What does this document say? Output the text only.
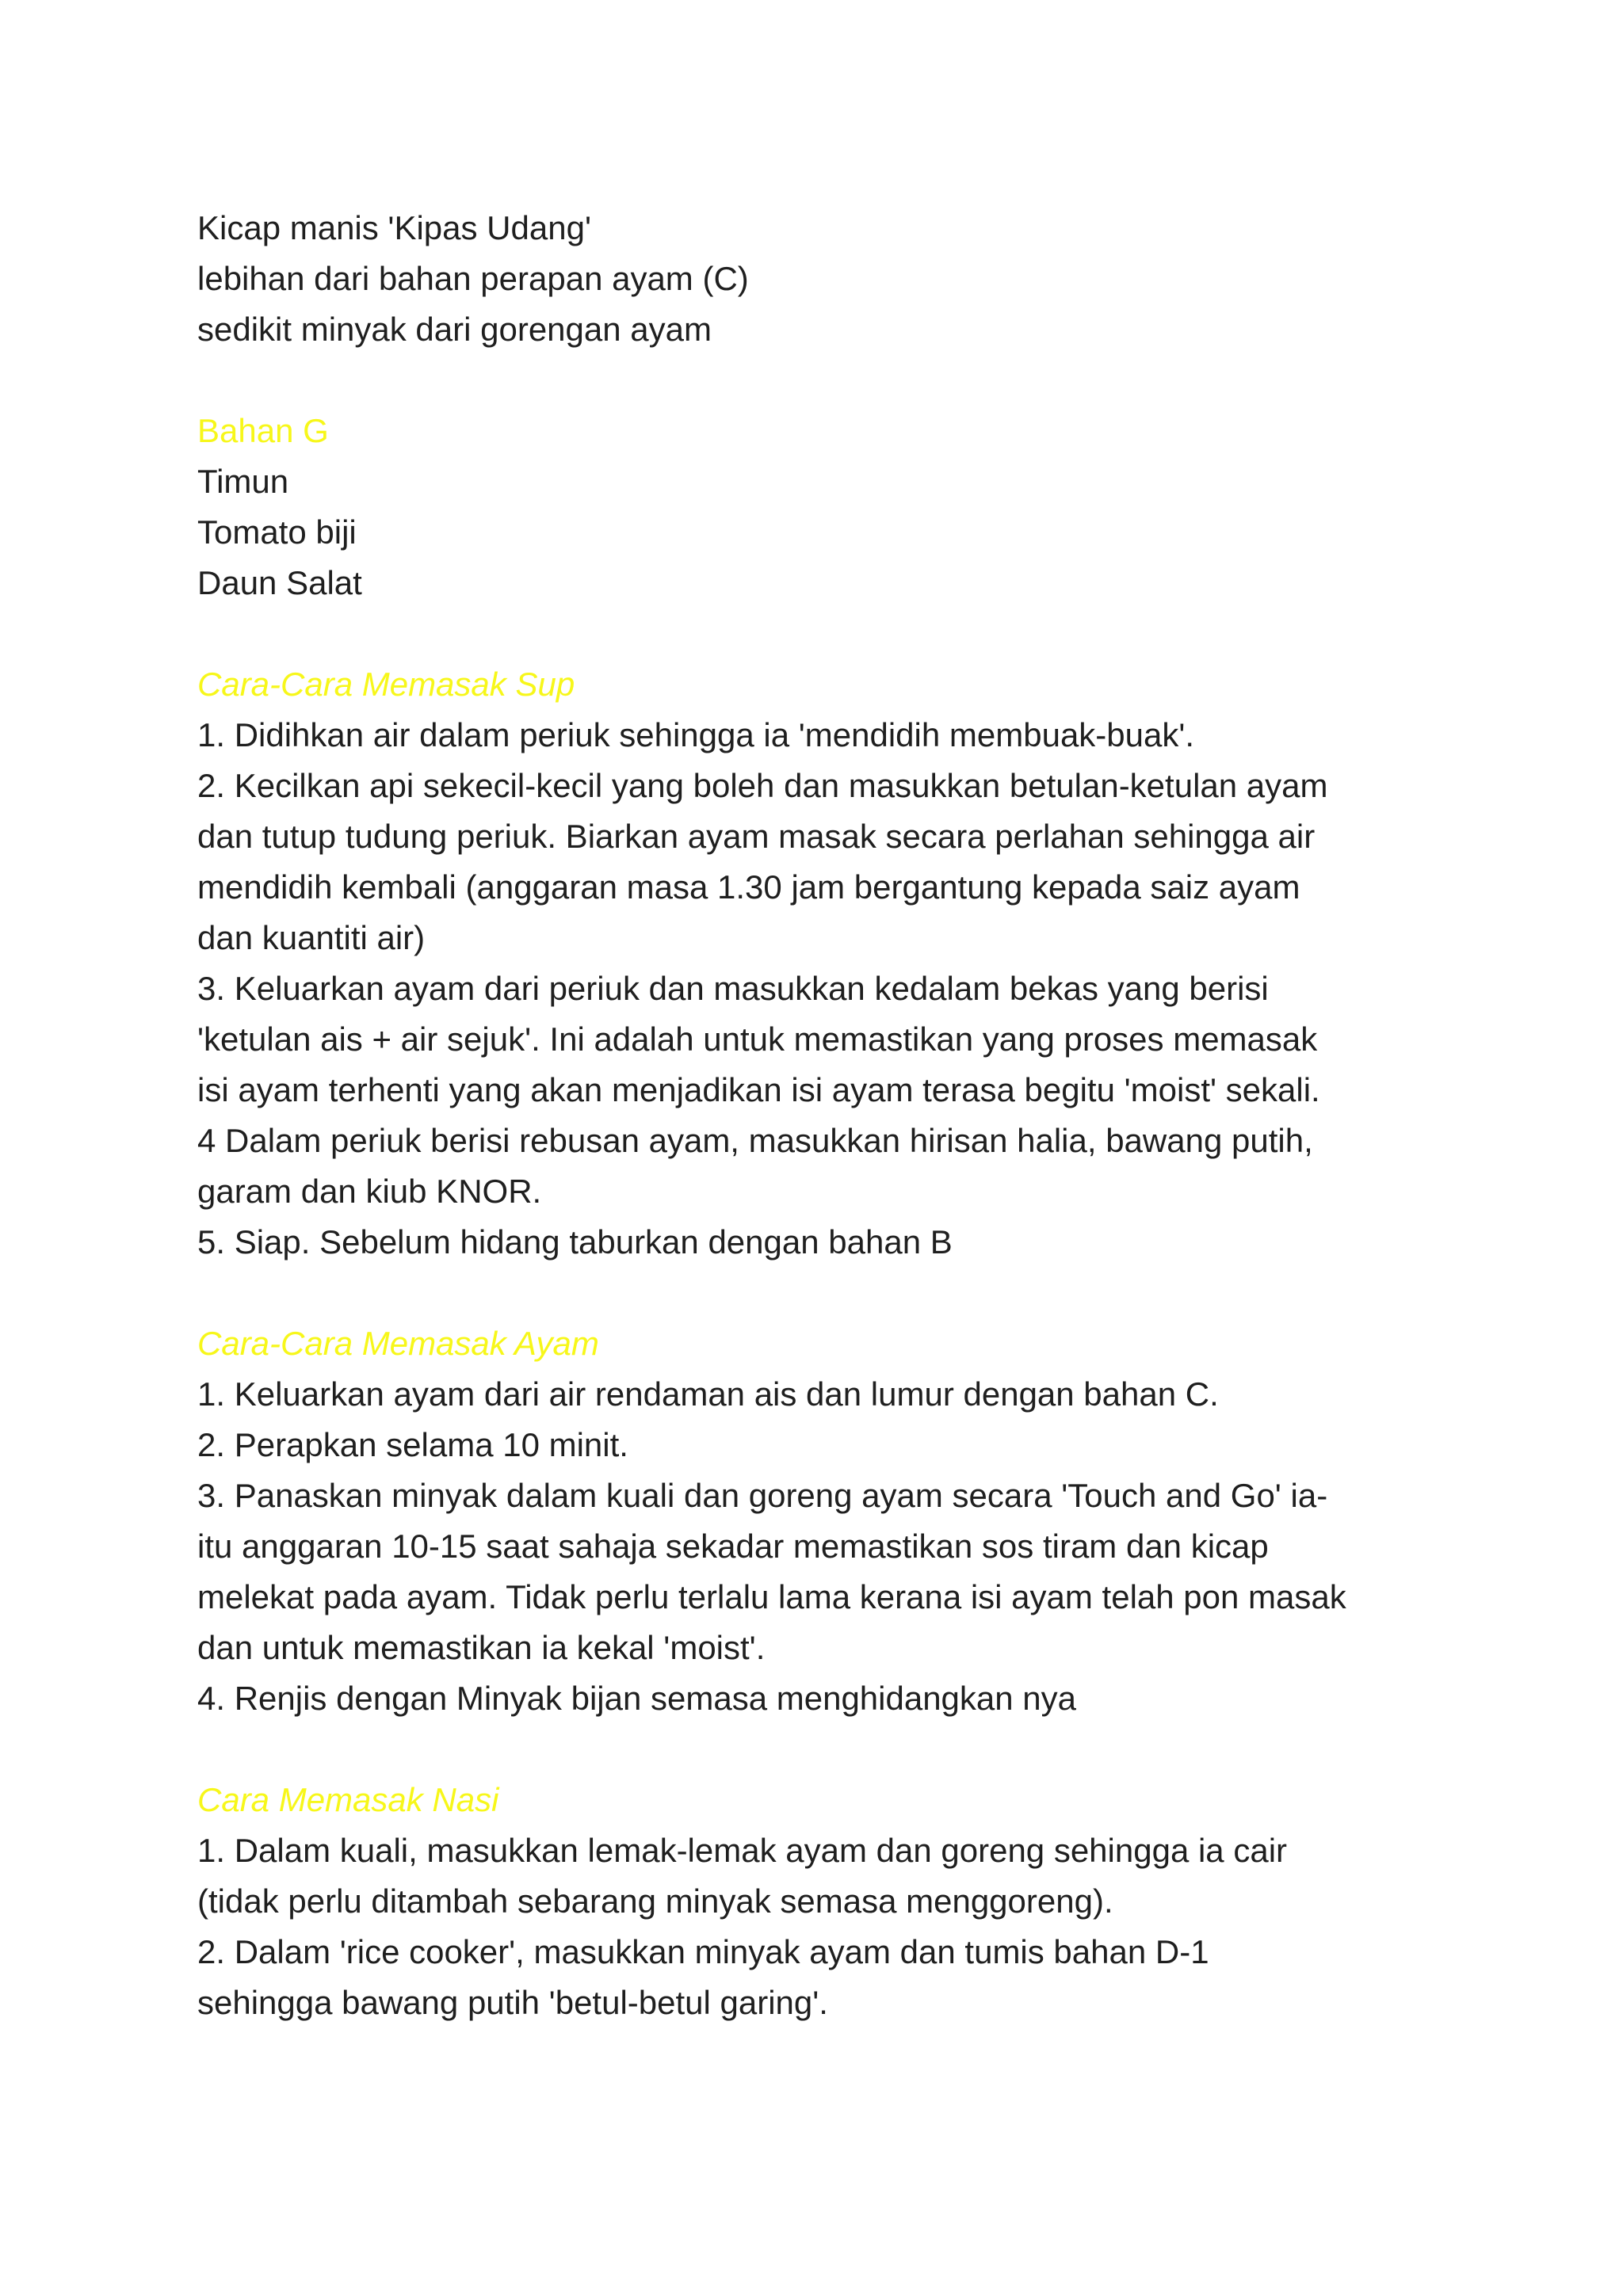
Kicap manis 'Kipas Udang'

lebihan dari bahan perapan ayam (C)

sedikit minyak dari gorengan ayam

Bahan G

Timun

Tomato biji

Daun Salat

Cara-Cara Memasak Sup

1. Didihkan air dalam periuk sehingga ia 'mendidih membuak-buak'.

2. Kecilkan api sekecil-kecil yang boleh dan masukkan betulan-ketulan ayam

dan tutup tudung periuk. Biarkan ayam masak secara perlahan sehingga air

mendidih kembali (anggaran masa 1.30 jam bergantung kepada saiz ayam

dan kuantiti air)

3. Keluarkan ayam dari periuk dan masukkan kedalam bekas yang berisi

'ketulan ais + air sejuk'. Ini adalah untuk memastikan yang proses memasak

isi ayam terhenti yang akan menjadikan isi ayam terasa begitu 'moist' sekali.

4 Dalam periuk berisi rebusan ayam, masukkan hirisan halia, bawang putih,

garam dan kiub KNOR.

5. Siap. Sebelum hidang taburkan dengan bahan B

Cara-Cara Memasak Ayam

1. Keluarkan ayam dari air rendaman ais dan lumur dengan bahan C.

2. Perapkan selama 10 minit.

3. Panaskan minyak dalam kuali dan goreng ayam secara 'Touch and Go' ia-

itu anggaran 10-15 saat sahaja sekadar memastikan sos tiram dan kicap

melekat pada ayam. Tidak perlu terlalu lama kerana isi ayam telah pon masak

dan untuk memastikan ia kekal 'moist'.

4. Renjis dengan Minyak bijan semasa menghidangkan nya

Cara Memasak Nasi

1. Dalam kuali, masukkan lemak-lemak ayam dan goreng sehingga ia cair

(tidak perlu ditambah sebarang minyak semasa menggoreng).

2. Dalam 'rice cooker', masukkan minyak ayam dan tumis bahan D-1

sehingga bawang putih 'betul-betul garing'.
